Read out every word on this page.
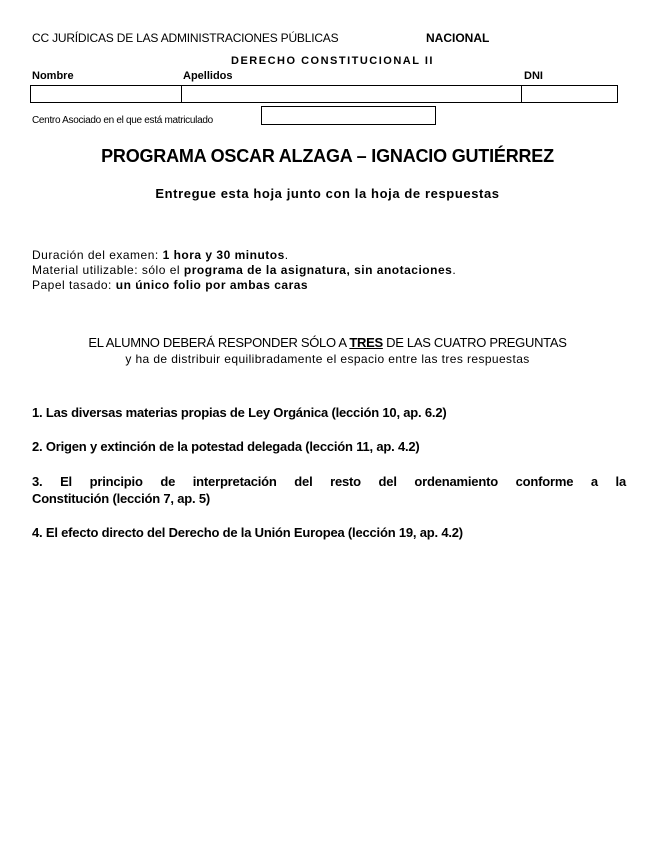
CC JURÍDICAS DE LAS ADMINISTRACIONES PÚBLICAS	NACIONAL
DERECHO CONSTITUCIONAL II
Nombre	Apellidos	DNI
Centro Asociado en el que está matriculado
PROGRAMA OSCAR ALZAGA – IGNACIO GUTIÉRREZ
Entregue esta hoja junto con la hoja de respuestas
Duración del examen: 1 hora y 30 minutos.
Material utilizable: sólo el programa de la asignatura, sin anotaciones.
Papel tasado: un único folio por ambas caras
EL ALUMNO DEBERÁ RESPONDER SÓLO A TRES DE LAS CUATRO PREGUNTAS
y ha de distribuir equilibradamente el espacio entre las tres respuestas
1. Las diversas materias propias de Ley Orgánica (lección 10, ap. 6.2)
2. Origen y extinción de la potestad delegada (lección 11, ap. 4.2)
3. El principio de interpretación del resto del ordenamiento conforme a la
Constitución (lección 7, ap. 5)
4. El efecto directo del Derecho de la Unión Europea (lección 19, ap. 4.2)
